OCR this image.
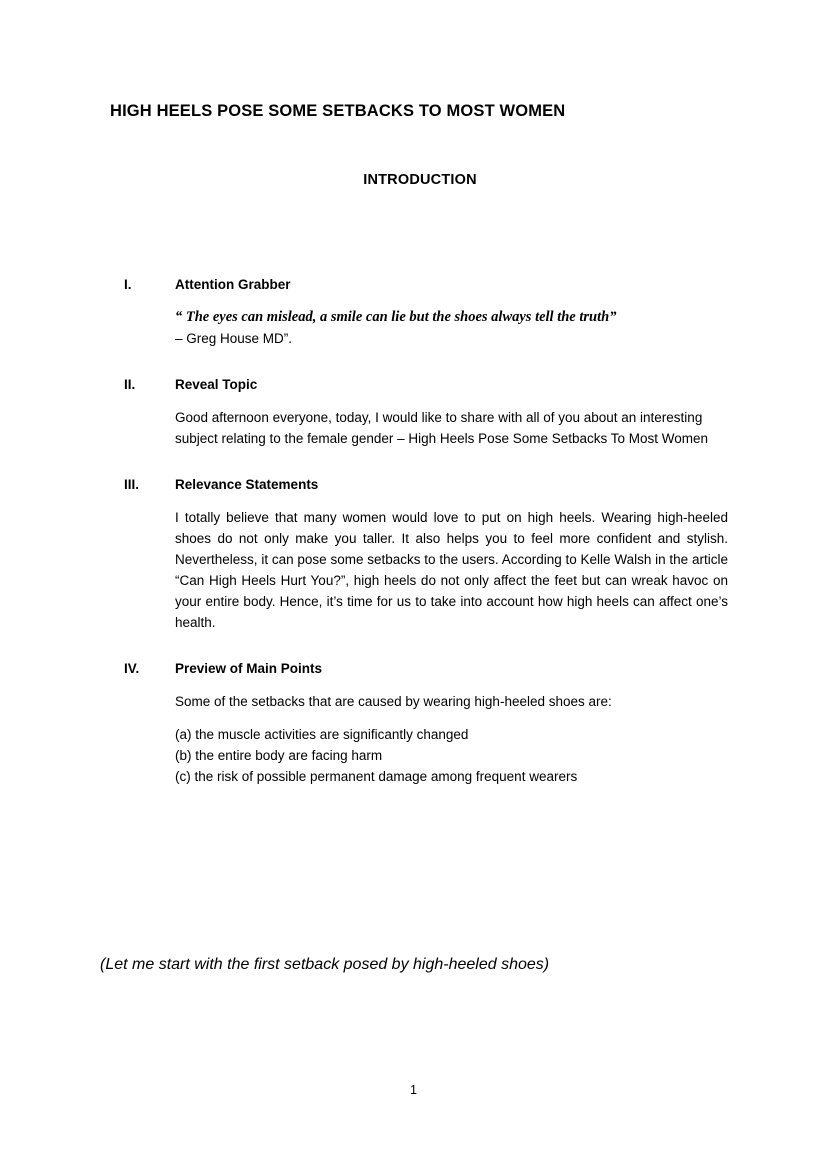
HIGH HEELS POSE SOME SETBACKS TO MOST WOMEN
INTRODUCTION
I.	Attention Grabber
“ The eyes can mislead, a smile can lie but the shoes always tell the truth”
– Greg House MD”.
II.	Reveal Topic
Good afternoon everyone, today, I would like to share with all of you about an interesting subject relating to the female gender – High Heels Pose Some Setbacks To Most Women
III.	Relevance Statements
I totally believe that many women would love to put on high heels. Wearing high-heeled shoes do not only make you taller. It also helps you to feel more confident and stylish. Nevertheless, it can pose some setbacks to the users. According to Kelle Walsh in the article “Can High Heels Hurt You?”, high heels do not only affect the feet but can wreak havoc on your entire body. Hence, it’s time for us to take into account how high heels can affect one’s health.
IV.	Preview of Main Points
Some of the setbacks that are caused by wearing high-heeled shoes are:
(a) the muscle activities are significantly changed
(b) the entire body are facing harm
(c) the risk of possible permanent damage among frequent wearers
(Let me start with the first setback posed by high-heeled shoes)
1
